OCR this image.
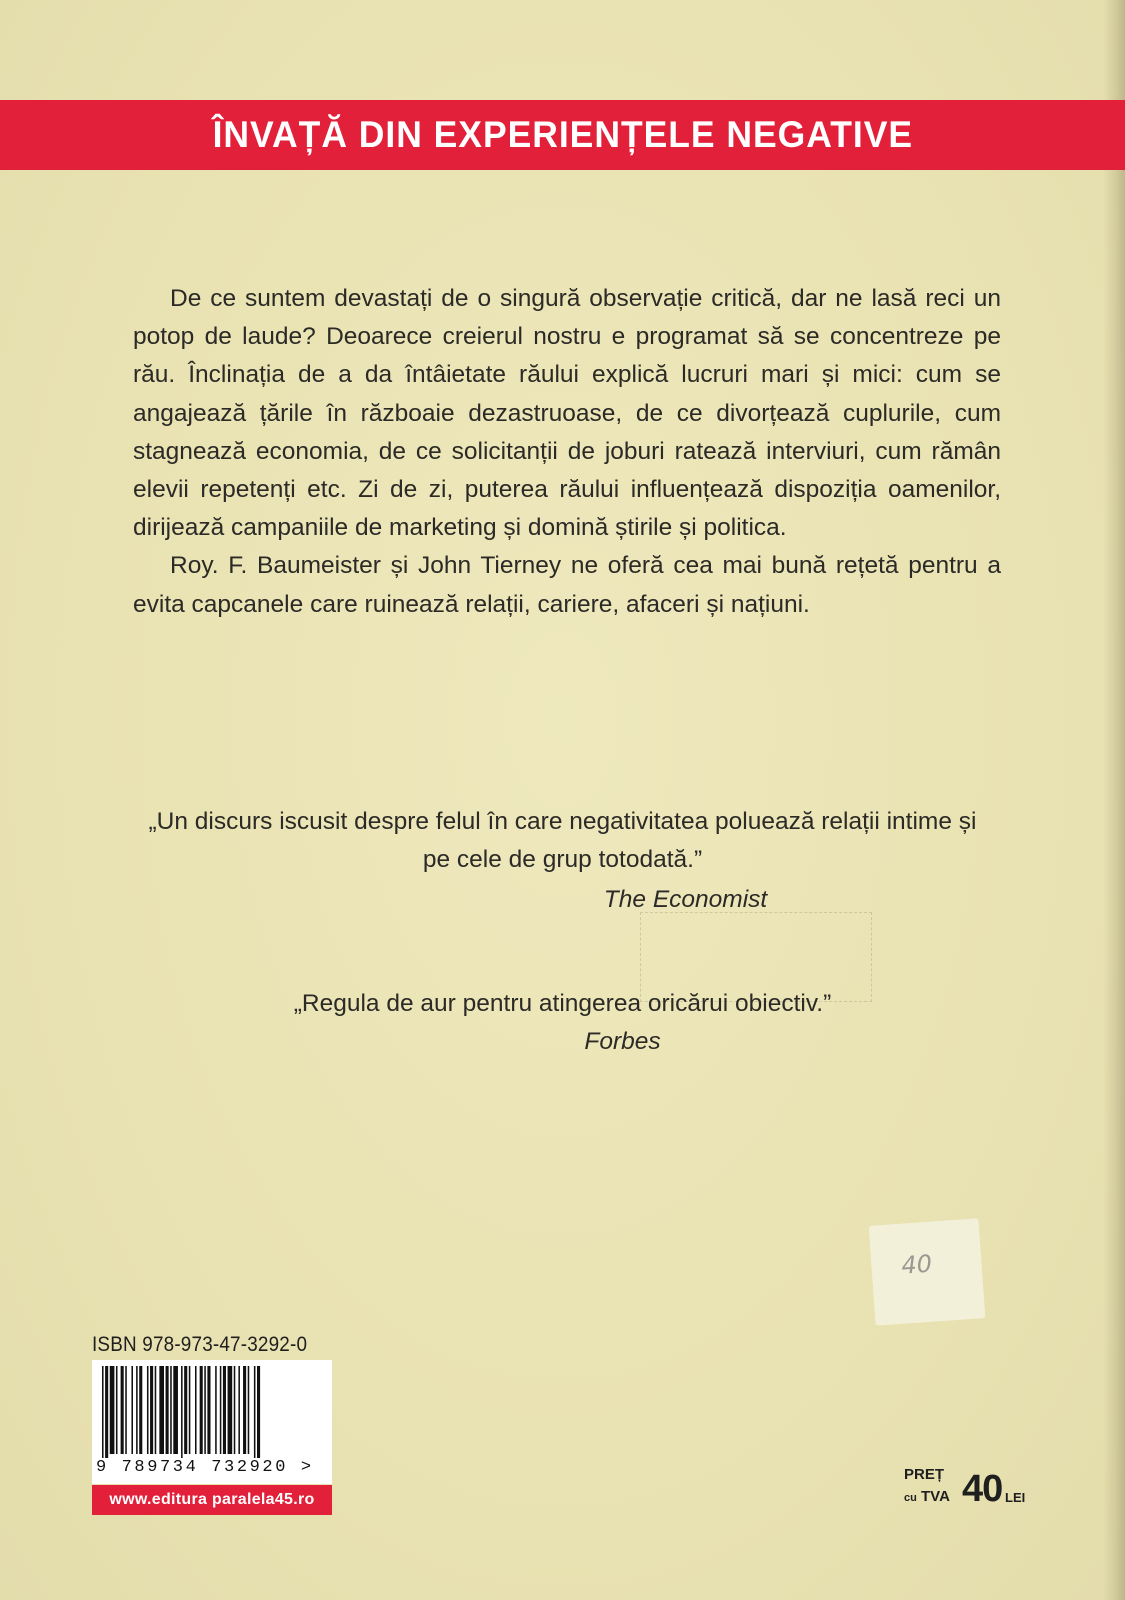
ÎNVAȚĂ DIN EXPERIENȚELE NEGATIVE

De ce suntem devastați de o singură observație critică, dar ne lasă reci un potop de laude? Deoarece creierul nostru e programat să se concentreze pe rău. Înclinația de a da întâietate răului explică lucruri mari și mici: cum se angajează țările în războaie dezastruoase, de ce divorțează cuplurile, cum stagnează economia, de ce solicitanții de joburi ratează interviuri, cum rămân elevii repetenți etc. Zi de zi, puterea răului influențează dispoziția oamenilor, dirijează campaniile de marketing și domină știrile și politica.

Roy. F. Baumeister și John Tierney ne oferă cea mai bună rețetă pentru a evita capcanele care ruinează relații, cariere, afaceri și națiuni.

„Un discurs iscusit despre felul în care negativitatea poluează relații intime și pe cele de grup totodată.”
The Economist
„Regula de aur pentru atingerea oricărui obiectiv.”
Forbes
40
ISBN 978-973-47-3292-0
9 789734 732920 >
www.editura paralela45.ro
PREȚ
cu TVA 40 LEI
